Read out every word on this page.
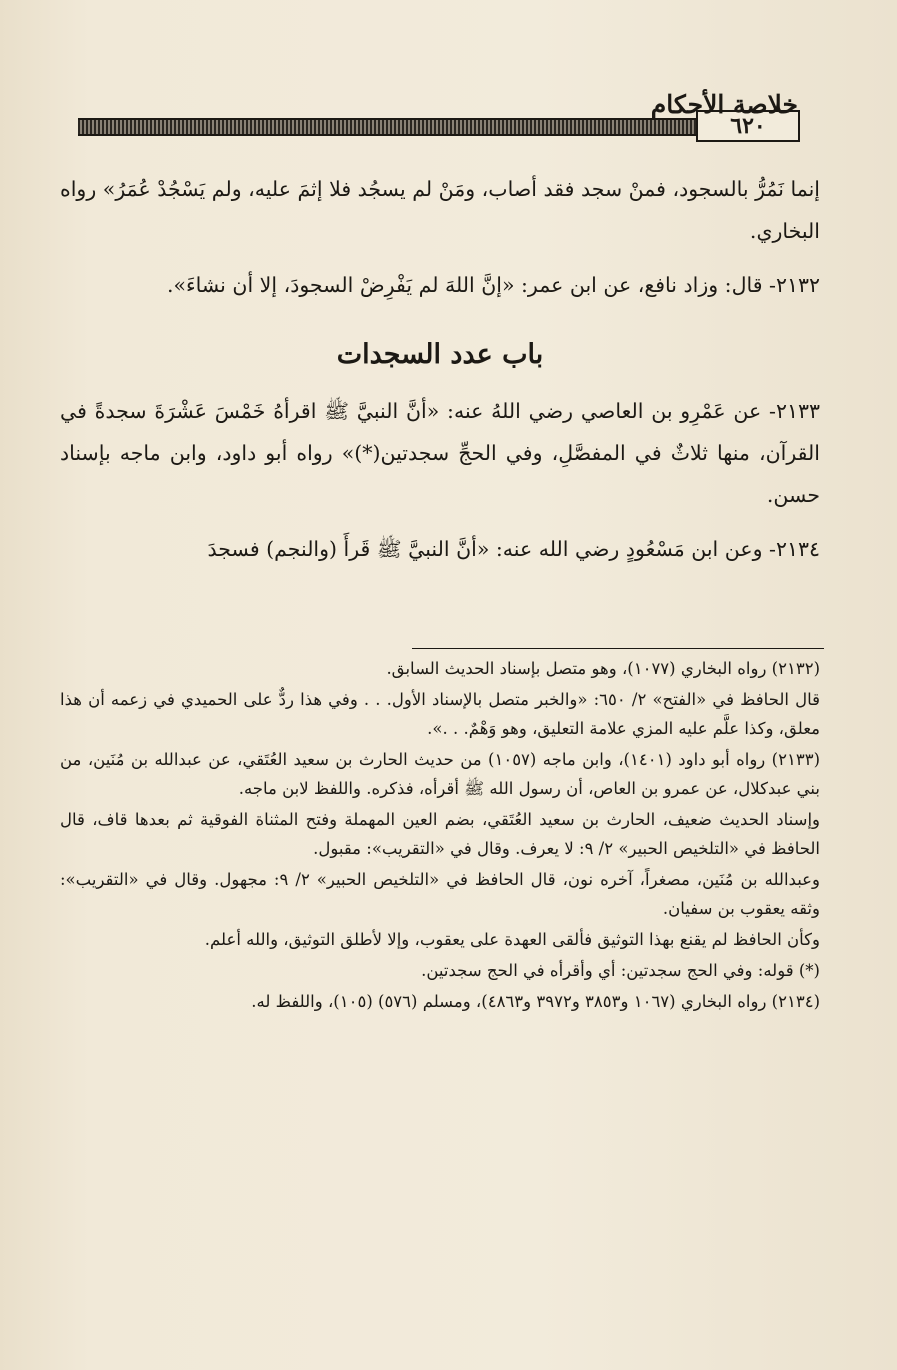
٦٢٠
خلاصة الأحكام

إنما نَمُرُّ بالسجود، فمنْ سجد فقد أصاب، ومَنْ لم يسجُد فلا إثمَ عليه، ولم يَسْجُدْ عُمَرُ» رواه البخاري.

٢١٣٢- قال: وزاد نافع، عن ابن عمر: «إنَّ اللهَ لم يَفْرِضْ السجودَ، إلا أن نشاءَ».

باب عدد السجدات

٢١٣٣- عن عَمْرِو بن العاصي رضي اللهُ عنه: «أنَّ النبيَّ ﷺ اقرأهُ خَمْسَ عَشْرَةَ سجدةً في القرآن، منها ثلاثٌ في المفصَّلِ، وفي الحجِّ سجدتين(*)» رواه أبو داود، وابن ماجه بإسناد حسن.

٢١٣٤- وعن ابن مَسْعُودٍ رضي الله عنه: «أنَّ النبيَّ ﷺ قَرأَ (والنجم) فسجدَ

(٢١٣٢) رواه البخاري (١٠٧٧)، وهو متصل بإسناد الحديث السابق.

قال الحافظ في «الفتح» ٢/ ٦٥٠: «والخبر متصل بالإسناد الأول. . . وفي هذا ردٌّ على الحميدي في زعمه أن هذا معلق، وكذا علَّم عليه المزي علامة التعليق، وهو وَهْمٌ. . .».

(٢١٣٣) رواه أبو داود (١٤٠١)، وابن ماجه (١٠٥٧) من حديث الحارث بن سعيد العُتَقي، عن عبدالله بن مُنَين، من بني عبدكلال، عن عمرو بن العاص، أن رسول الله ﷺ أقرأه، فذكره. واللفظ لابن ماجه.

وإسناد الحديث ضعيف، الحارث بن سعيد العُتَقي، بضم العين المهملة وفتح المثناة الفوقية ثم بعدها قاف، قال الحافظ في «التلخيص الحبير» ٢/ ٩: لا يعرف. وقال في «التقريب»: مقبول.

وعبدالله بن مُنَين، مصغراً، آخره نون، قال الحافظ في «التلخيص الحبير» ٢/ ٩: مجهول. وقال في «التقريب»: وثقه يعقوب بن سفيان.

وكأن الحافظ لم يقنع بهذا التوثيق فألقى العهدة على يعقوب، وإلا لأطلق التوثيق، والله أعلم.

(*) قوله: وفي الحج سجدتين: أي وأقرأه في الحج سجدتين.

(٢١٣٤) رواه البخاري (١٠٦٧ و٣٨٥٣ و٣٩٧٢ و٤٨٦٣)، ومسلم (٥٧٦) (١٠٥)، واللفظ له.
